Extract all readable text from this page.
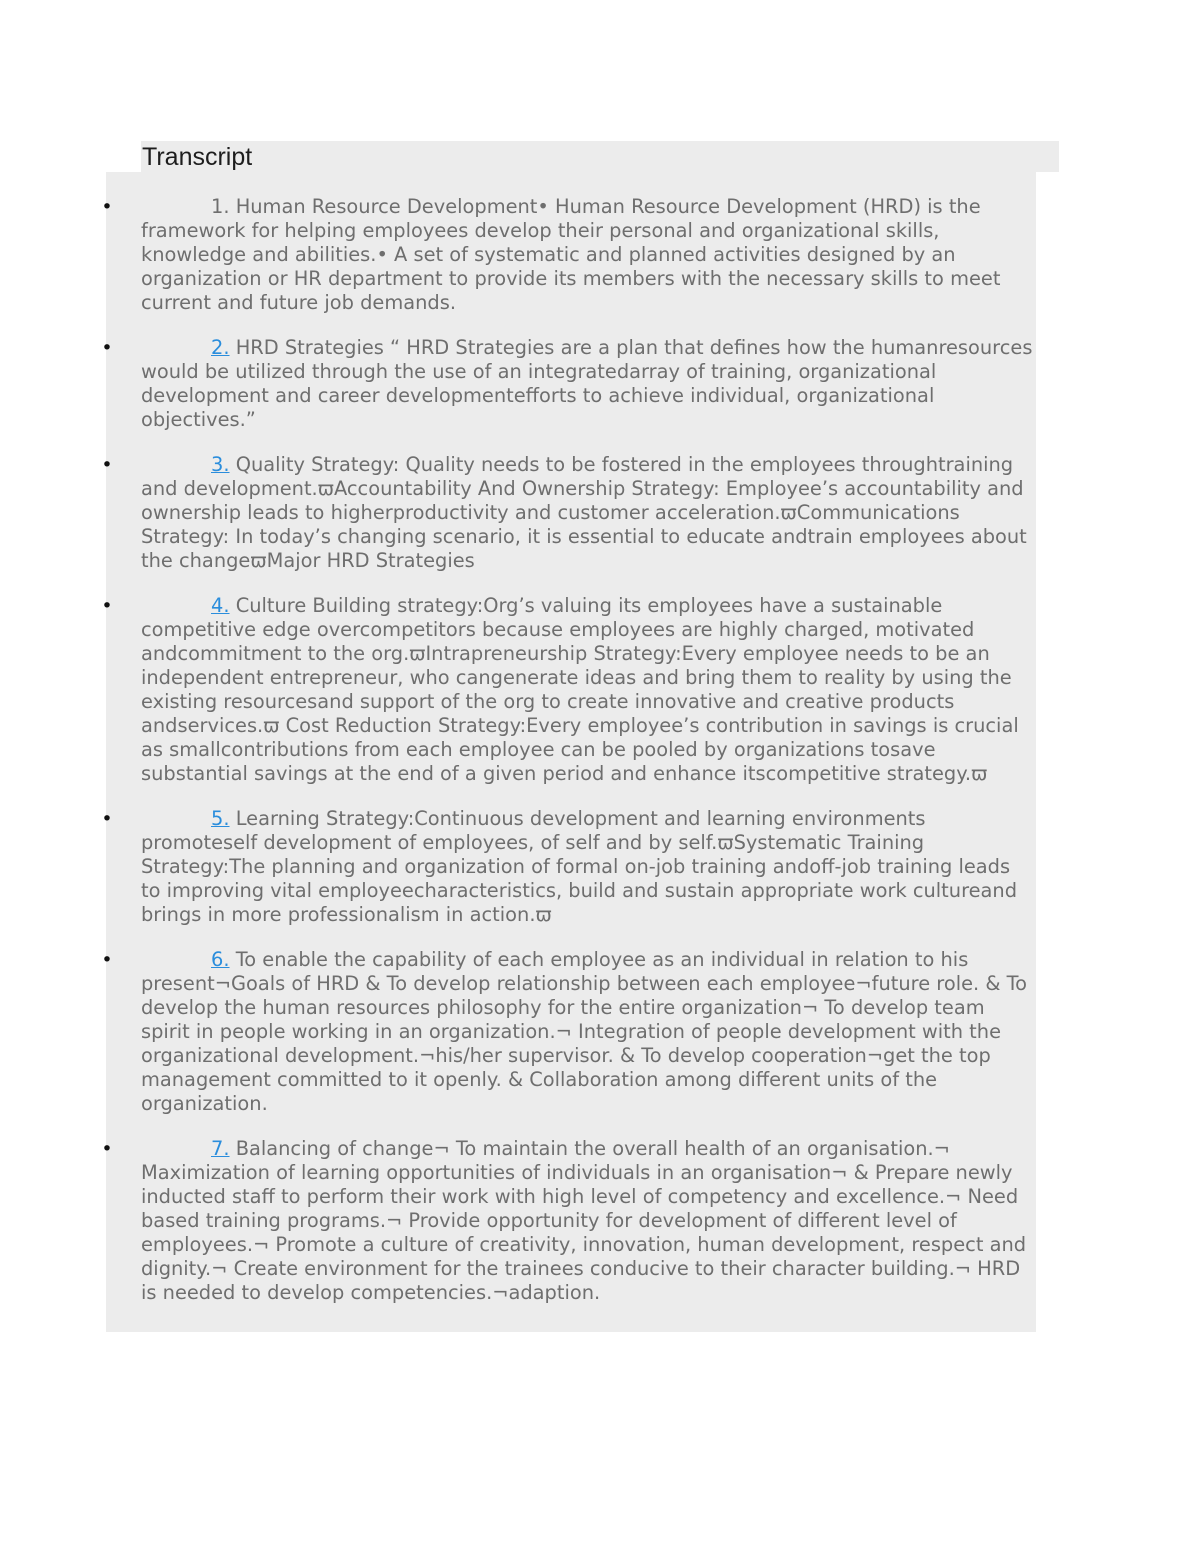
Transcript
•	1. Human Resource Development• Human Resource Development (HRD) is the framework for helping employees develop their personal and organizational skills, knowledge and abilities.• A set of systematic and planned activities designed by an organization or HR department to provide its members with the necessary skills to meet current and future job demands.
•	2. HRD Strategies “ HRD Strategies are a plan that defines how the humanresources would be utilized through the use of an integratedarray of training, organizational development and career developmentefforts to achieve individual, organizational objectives.”
•	3. Quality Strategy: Quality needs to be fostered in the employees throughtraining and development.ϖAccountability And Ownership Strategy: Employee’s accountability and ownership leads to higherproductivity and customer acceleration.ϖCommunications Strategy: In today’s changing scenario, it is essential to educate andtrain employees about the changeϖMajor HRD Strategies
•	4. Culture Building strategy:Org’s valuing its employees have a sustainable competitive edge overcompetitors because employees are highly charged, motivated andcommitment to the org.ϖIntrapreneurship Strategy:Every employee needs to be an independent entrepreneur, who cangenerate ideas and bring them to reality by using the existing resourcesand support of the org to create innovative and creative products andservices.ϖ Cost Reduction Strategy:Every employee’s contribution in savings is crucial as smallcontributions from each employee can be pooled by organizations tosave substantial savings at the end of a given period and enhance itscompetitive strategy.ϖ
•	5. Learning Strategy:Continuous development and learning environments promoteself development of employees, of self and by self.ϖSystematic Training Strategy:The planning and organization of formal on-job training andoff-job training leads to improving vital employeecharacteristics, build and sustain appropriate work cultureand brings in more professionalism in action.ϖ
•	6. To enable the capability of each employee as an individual in relation to his present¬Goals of HRD & To develop relationship between each employee¬future role. & To develop the human resources philosophy for the entire organization¬ To develop team spirit in people working in an organization.¬ Integration of people development with the organizational development.¬his/her supervisor. & To develop cooperation¬get the top management committed to it openly. & Collaboration among different units of the organization.
•	7. Balancing of change¬ To maintain the overall health of an organisation.¬ Maximization of learning opportunities of individuals in an organisation¬ & Prepare newly inducted staff to perform their work with high level of competency and excellence.¬ Need based training programs.¬ Provide opportunity for development of different level of employees.¬ Promote a culture of creativity, innovation, human development, respect and dignity.¬ Create environment for the trainees conducive to their character building.¬ HRD is needed to develop competencies.¬adaption.
